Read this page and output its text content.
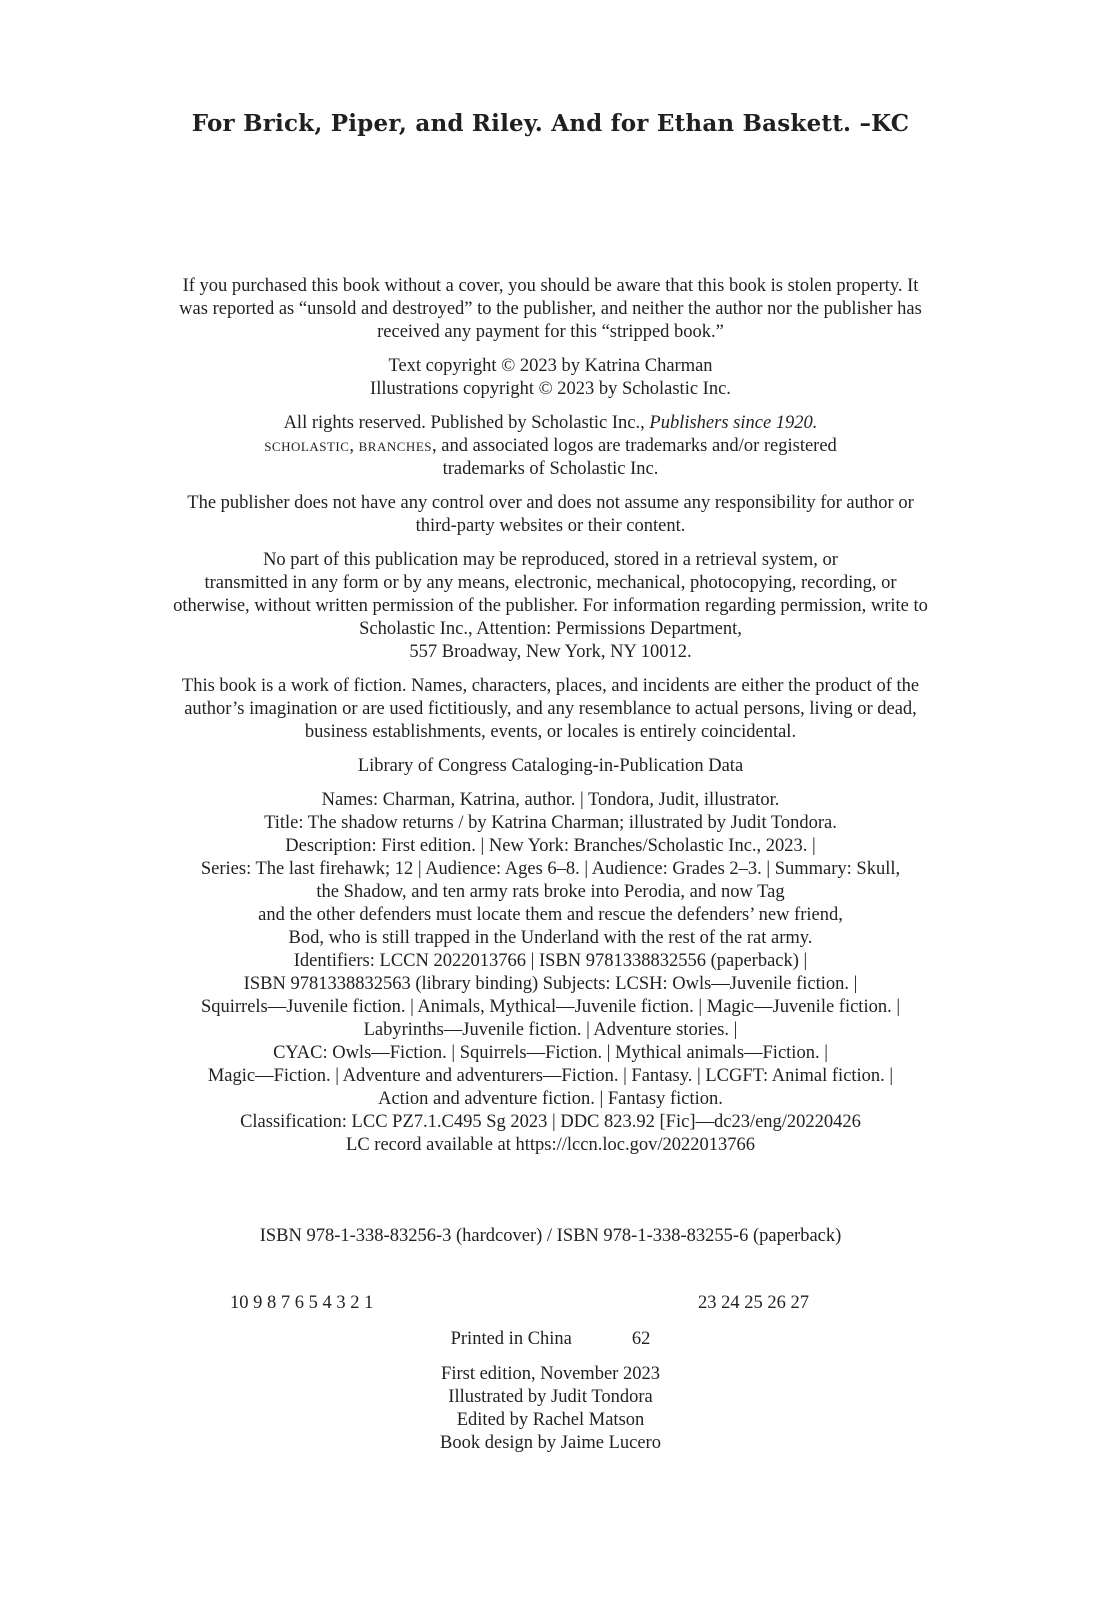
For Brick, Piper, and Riley. And for Ethan Baskett. –KC

If you purchased this book without a cover, you should be aware that this book is stolen property. It
was reported as “unsold and destroyed” to the publisher, and neither the author nor the publisher has
received any payment for this “stripped book.”

Text copyright © 2023 by Katrina Charman
Illustrations copyright © 2023 by Scholastic Inc.

All rights reserved. Published by Scholastic Inc., Publishers since 1920.
SCHOLASTIC, BRANCHES, and associated logos are trademarks and/or registered
trademarks of Scholastic Inc.

The publisher does not have any control over and does not assume any responsibility for author or
third-party websites or their content.

No part of this publication may be reproduced, stored in a retrieval system, or
transmitted in any form or by any means, electronic, mechanical, photocopying, recording, or
otherwise, without written permission of the publisher. For information regarding permission, write to
Scholastic Inc., Attention: Permissions Department,
557 Broadway, New York, NY 10012.

This book is a work of fiction. Names, characters, places, and incidents are either the product of the
author’s imagination or are used fictitiously, and any resemblance to actual persons, living or dead,
business establishments, events, or locales is entirely coincidental.

Library of Congress Cataloging-in-Publication Data

Names: Charman, Katrina, author. | Tondora, Judit, illustrator.
Title: The shadow returns / by Katrina Charman; illustrated by Judit Tondora.
Description: First edition. | New York: Branches/Scholastic Inc., 2023. |
Series: The last firehawk; 12 | Audience: Ages 6–8. | Audience: Grades 2–3. | Summary: Skull,
the Shadow, and ten army rats broke into Perodia, and now Tag
and the other defenders must locate them and rescue the defenders’ new friend,
Bod, who is still trapped in the Underland with the rest of the rat army.
Identifiers: LCCN 2022013766 | ISBN 9781338832556 (paperback) |
ISBN 9781338832563 (library binding) Subjects: LCSH: Owls—Juvenile fiction. |
Squirrels—Juvenile fiction. | Animals, Mythical—Juvenile fiction. | Magic—Juvenile fiction. |
Labyrinths—Juvenile fiction. | Adventure stories. |
CYAC: Owls—Fiction. | Squirrels—Fiction. | Mythical animals—Fiction. |
Magic—Fiction. | Adventure and adventurers—Fiction. | Fantasy. | LCGFT: Animal fiction. |
Action and adventure fiction. | Fantasy fiction.
Classification: LCC PZ7.1.C495 Sg 2023 | DDC 823.92 [Fic]—dc23/eng/20220426
LC record available at https://lccn.loc.gov/2022013766
ISBN 978-1-338-83256-3 (hardcover) / ISBN 978-1-338-83255-6 (paperback)
10 9 8 7 6 5 4 3 2 1	23 24 25 26 27
Printed in China	62
First edition, November 2023
Illustrated by Judit Tondora
Edited by Rachel Matson
Book design by Jaime Lucero
